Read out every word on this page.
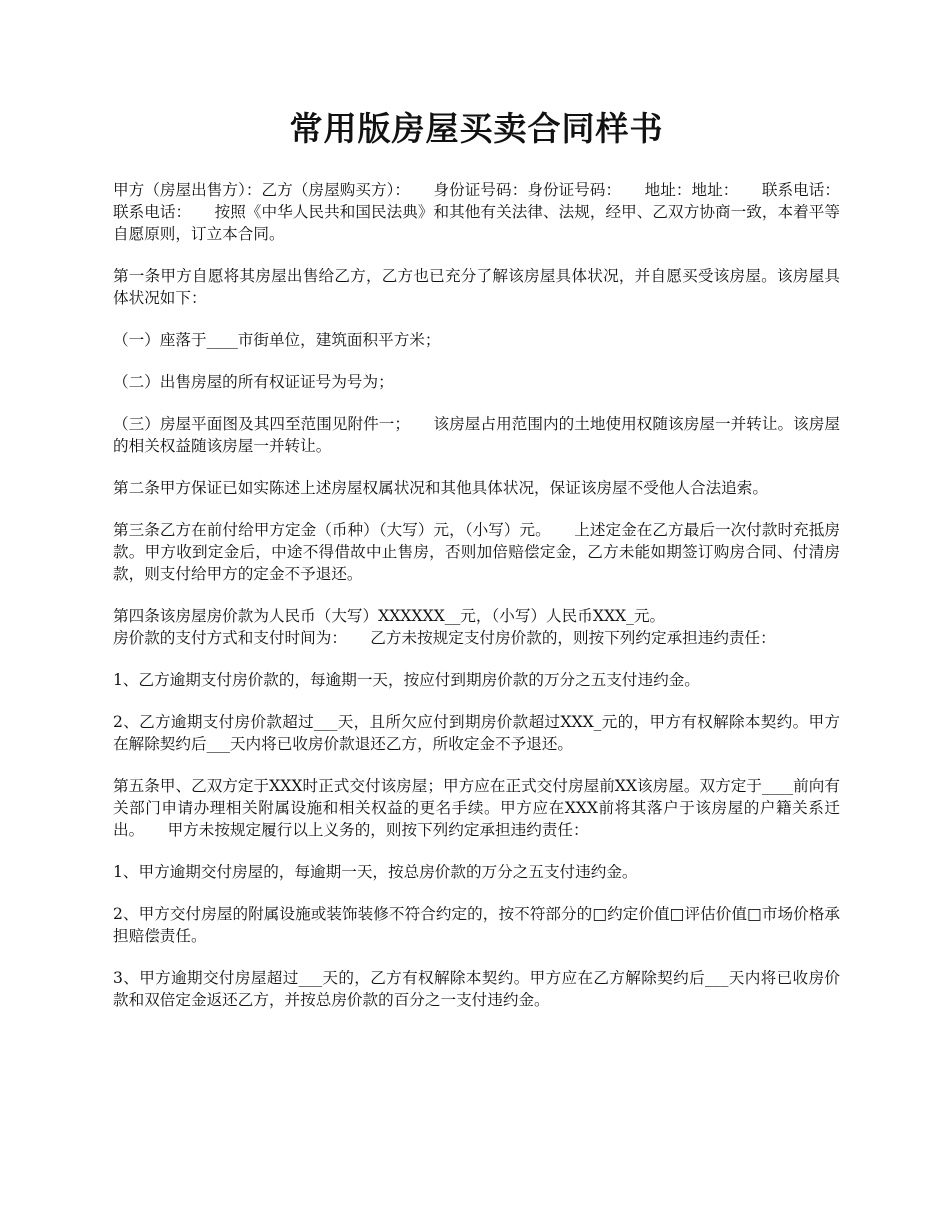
常用版房屋买卖合同样书

甲方（房屋出售方）：乙方（房屋购买方）：　　身份证号码：身份证号码：　　地址：地址：　　联系电话：联系电话：　　按照《中华人民共和国民法典》和其他有关法律、法规，经甲、乙双方协商一致，本着平等自愿原则，订立本合同。

第一条甲方自愿将其房屋出售给乙方，乙方也已充分了解该房屋具体状况，并自愿买受该房屋。该房屋具体状况如下：

（一）座落于____市街单位，建筑面积平方米；

（二）出售房屋的所有权证证号为号为；

（三）房屋平面图及其四至范围见附件一；　　该房屋占用范围内的土地使用权随该房屋一并转让。该房屋的相关权益随该房屋一并转让。

第二条甲方保证已如实陈述上述房屋权属状况和其他具体状况，保证该房屋不受他人合法追索。

第三条乙方在前付给甲方定金（币种）（大写）元，（小写）元。　　上述定金在乙方最后一次付款时充抵房款。甲方收到定金后，中途不得借故中止售房，否则加倍赔偿定金，乙方未能如期签订购房合同、付清房款，则支付给甲方的定金不予退还。

第四条该房屋房价款为人民币（大写）XXXXXX__元，（小写）人民币XXX_元。

房价款的支付方式和支付时间为：　　乙方未按规定支付房价款的，则按下列约定承担违约责任：

1、乙方逾期支付房价款的，每逾期一天，按应付到期房价款的万分之五支付违约金。

2、乙方逾期支付房价款超过___天，且所欠应付到期房价款超过XXX_元的，甲方有权解除本契约。甲方在解除契约后___天内将已收房价款退还乙方，所收定金不予退还。

第五条甲、乙双方定于XXX时正式交付该房屋；甲方应在正式交付房屋前XX该房屋。双方定于____前向有关部门申请办理相关附属设施和相关权益的更名手续。甲方应在XXX前将其落户于该房屋的户籍关系迁出。　　甲方未按规定履行以上义务的，则按下列约定承担违约责任：

1、甲方逾期交付房屋的，每逾期一天，按总房价款的万分之五支付违约金。

2、甲方交付房屋的附属设施或装饰装修不符合约定的，按不符部分的□约定价值□评估价值□市场价格承担赔偿责任。

3、甲方逾期交付房屋超过___天的，乙方有权解除本契约。甲方应在乙方解除契约后___天内将已收房价款和双倍定金返还乙方，并按总房价款的百分之一支付违约金。
